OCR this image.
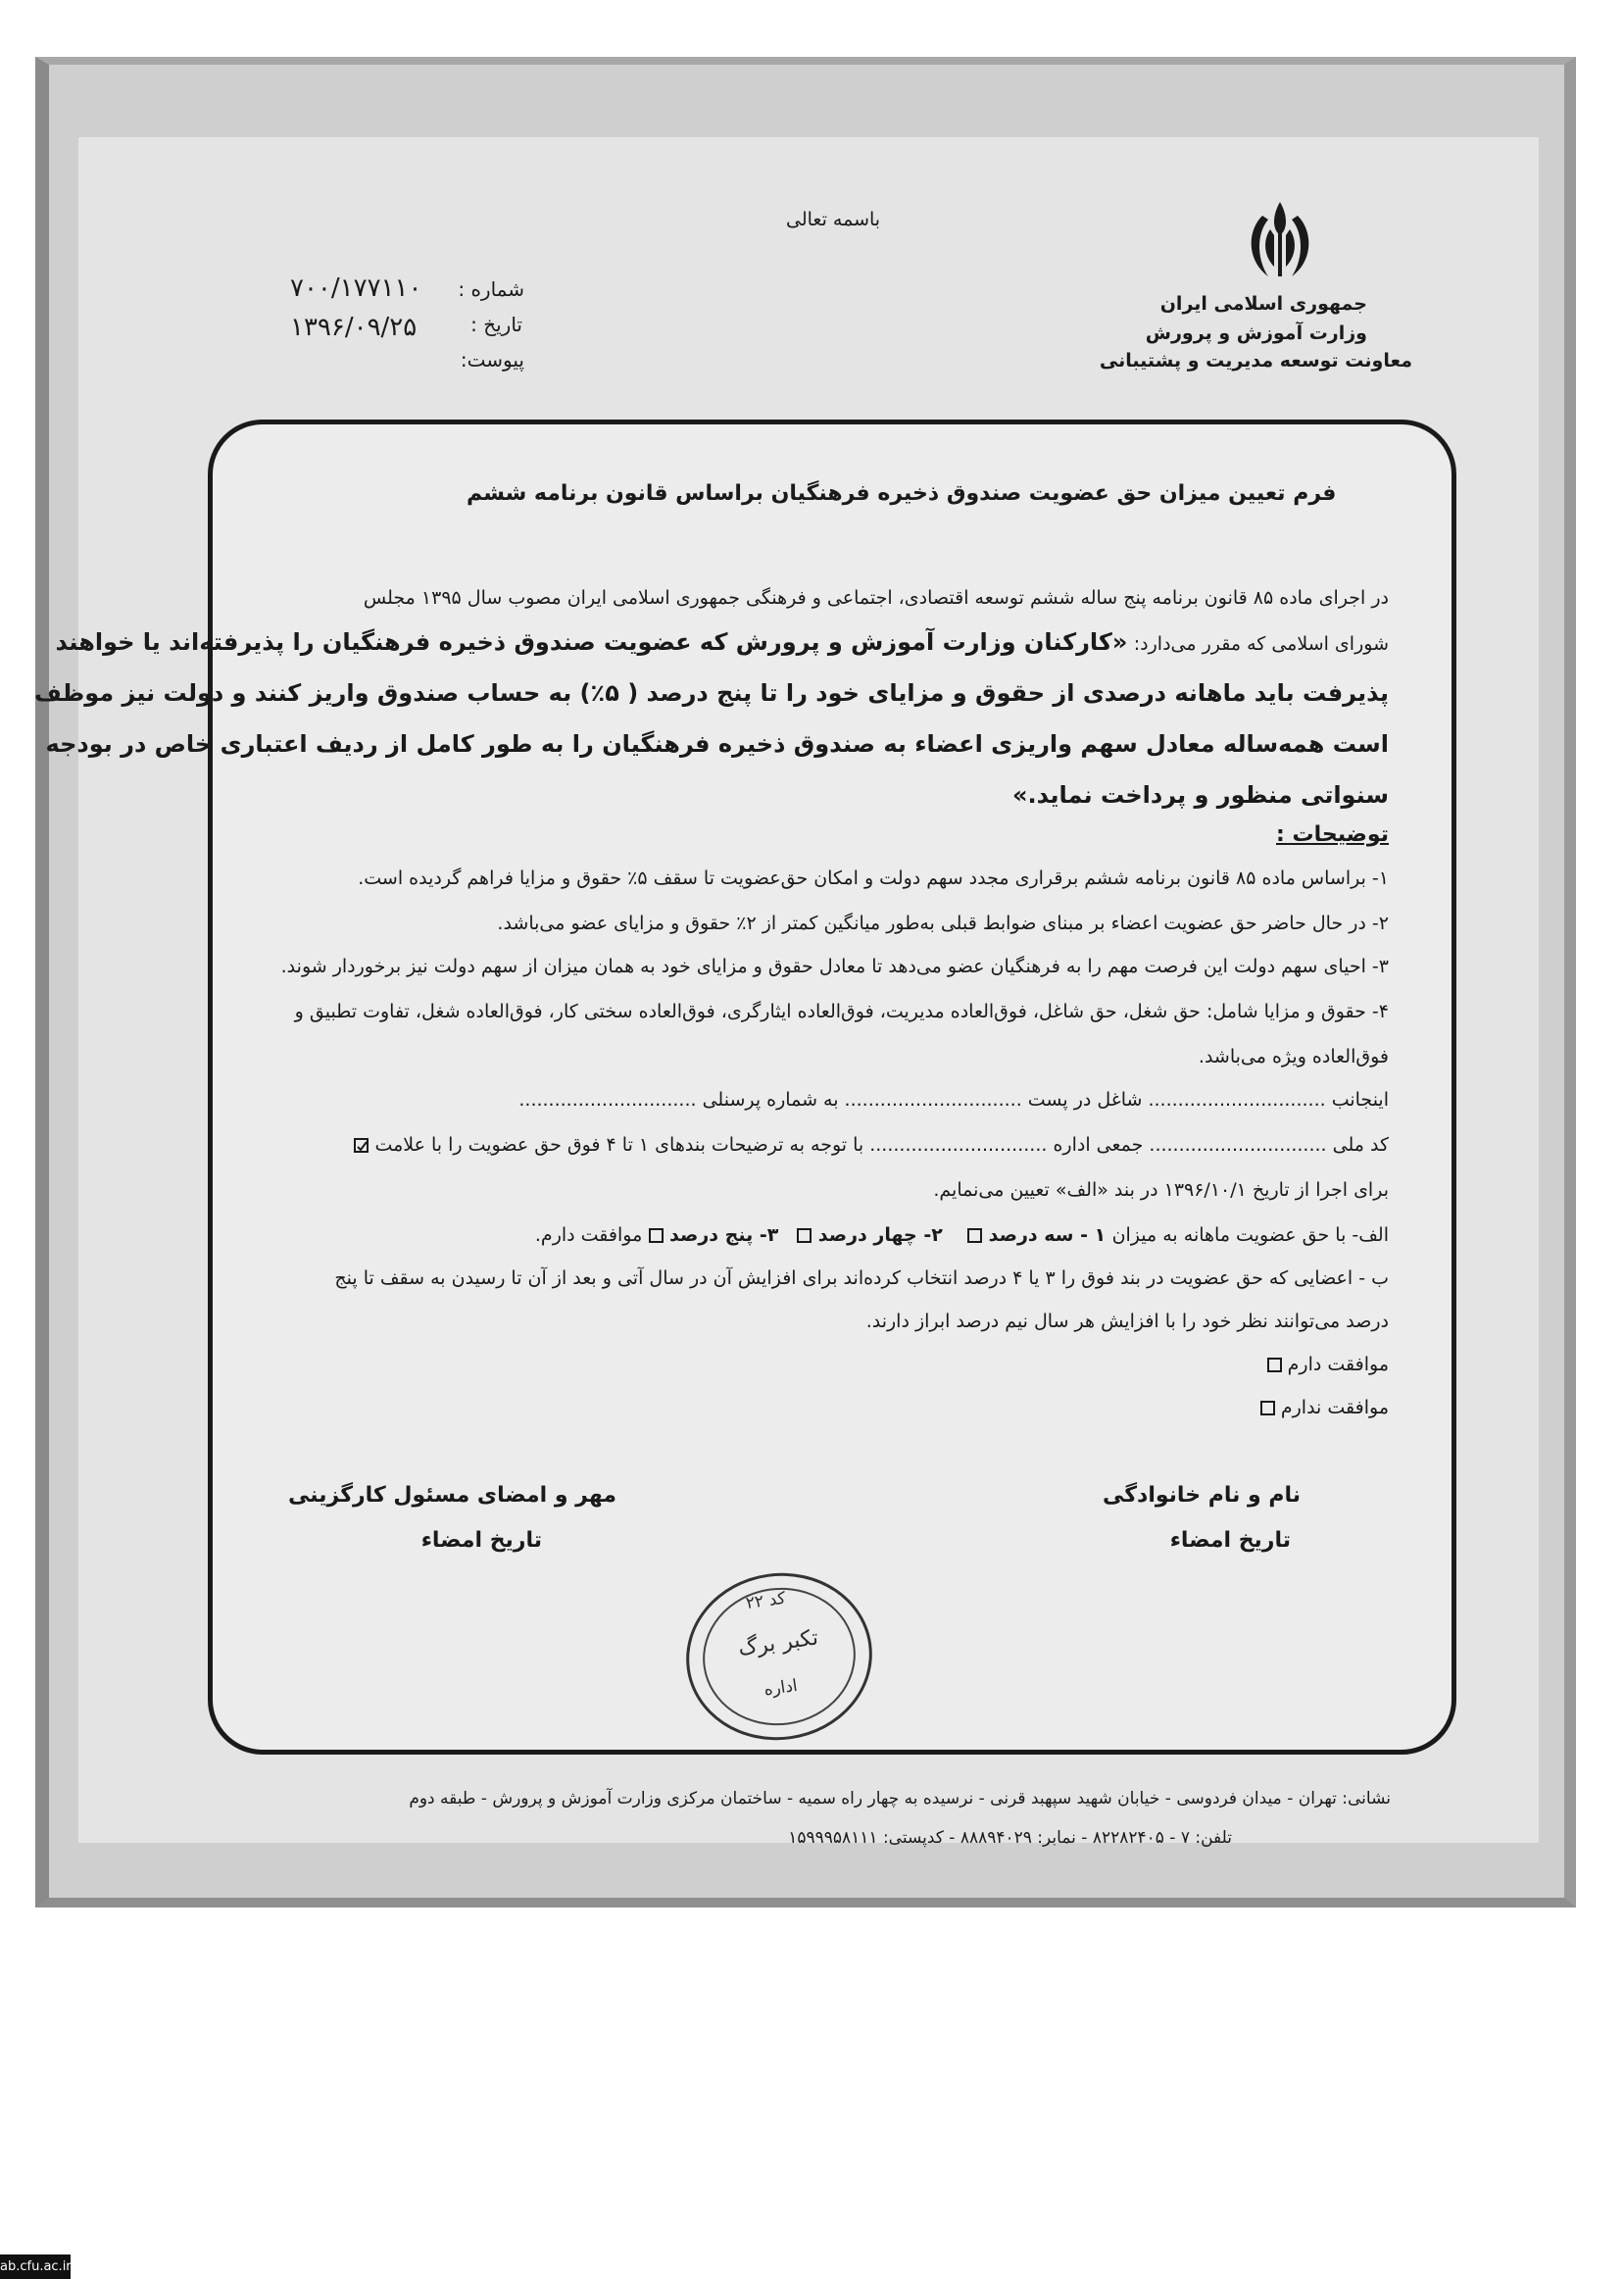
باسمه تعالی
جمهوری اسلامی ایران
وزارت آموزش و پرورش
معاونت توسعه مدیریت و پشتیبانی
شماره :
۷۰۰/۱۷۷۱۱۰
تاریخ :
۱۳۹۶/۰۹/۲۵
پیوست:
فرم تعیین میزان حق عضویت صندوق ذخیره فرهنگیان براساس قانون برنامه ششم
در اجرای ماده ۸۵ قانون برنامه پنج ساله ششم توسعه اقتصادی، اجتماعی و فرهنگی جمهوری اسلامی ایران مصوب سال ۱۳۹۵ مجلس
شورای اسلامی که مقرر می‌دارد: «کارکنان وزارت آموزش و پرورش که عضویت صندوق ذخیره فرهنگیان را پذیرفته‌اند یا خواهند
پذیرفت باید ماهانه درصدی از حقوق و مزایای خود را تا پنج درصد ( ۵٪) به حساب صندوق واریز کنند و دولت نیز موظف
است همه‌ساله معادل سهم واریزی اعضاء به صندوق ذخیره فرهنگیان را به طور کامل از ردیف اعتباری خاص در بودجه
سنواتی منظور و پرداخت نماید.»
توضیحات :
۱- براساس ماده ۸۵ قانون برنامه ششم برقراری مجدد سهم دولت و امکان حق‌عضویت تا سقف ۵٪ حقوق و مزایا فراهم گردیده است.
۲- در حال حاضر حق عضویت اعضاء بر مبنای ضوابط قبلی به‌طور میانگین کمتر از ۲٪ حقوق و مزایای عضو می‌باشد.
۳- احیای سهم دولت این فرصت مهم را به فرهنگیان عضو می‌دهد تا معادل حقوق و مزایای خود به همان میزان از سهم دولت نیز برخوردار شوند.
۴- حقوق و مزایا شامل: حق شغل، حق شاغل، فوق‌العاده مدیریت، فوق‌العاده ایثارگری، فوق‌العاده سختی کار، فوق‌العاده شغل، تفاوت تطبیق و
فوق‌العاده ویژه می‌باشد.
اینجانب .............................. شاغل در پست .............................. به شماره پرسنلی ..............................
کد ملی .............................. جمعی اداره .............................. با توجه به ترضیحات بندهای ۱ تا ۴ فوق حق عضویت را با علامت
برای اجرا از تاریخ ۱۳۹۶/۱۰/۱ در بند «الف» تعیین می‌نمایم.
الف- با حق عضویت ماهانه به میزان ۱ - سه درصد     ۲- چهار درصد    ۳- پنج درصد  موافقت دارم.
ب - اعضایی که حق عضویت در بند فوق را ۳ یا ۴ درصد انتخاب کرده‌اند برای افزایش آن در سال آتی و بعد از آن تا رسیدن به سقف تا پنج
درصد می‌توانند نظر خود را با افزایش هر سال نیم درصد ابراز دارند.
موافقت دارم
موافقت ندارم
نام و نام خانوادگی
تاریخ امضاء
مهر و امضای مسئول کارگزینی
تاریخ امضاء
کد ۲۲
تکبر برگ
اداره
نشانی: تهران - میدان فردوسی - خیابان شهید سپهبد قرنی - نرسیده به چهار راه سمیه - ساختمان مرکزی وزارت آموزش و پرورش - طبقه دوم
تلفن: ۷ - ۸۲۲۸۲۴۰۵ - نمابر: ۸۸۸۹۴۰۲۹ - کدپستی: ۱۵۹۹۹۵۸۱۱۱
ab.cfu.ac.ir
